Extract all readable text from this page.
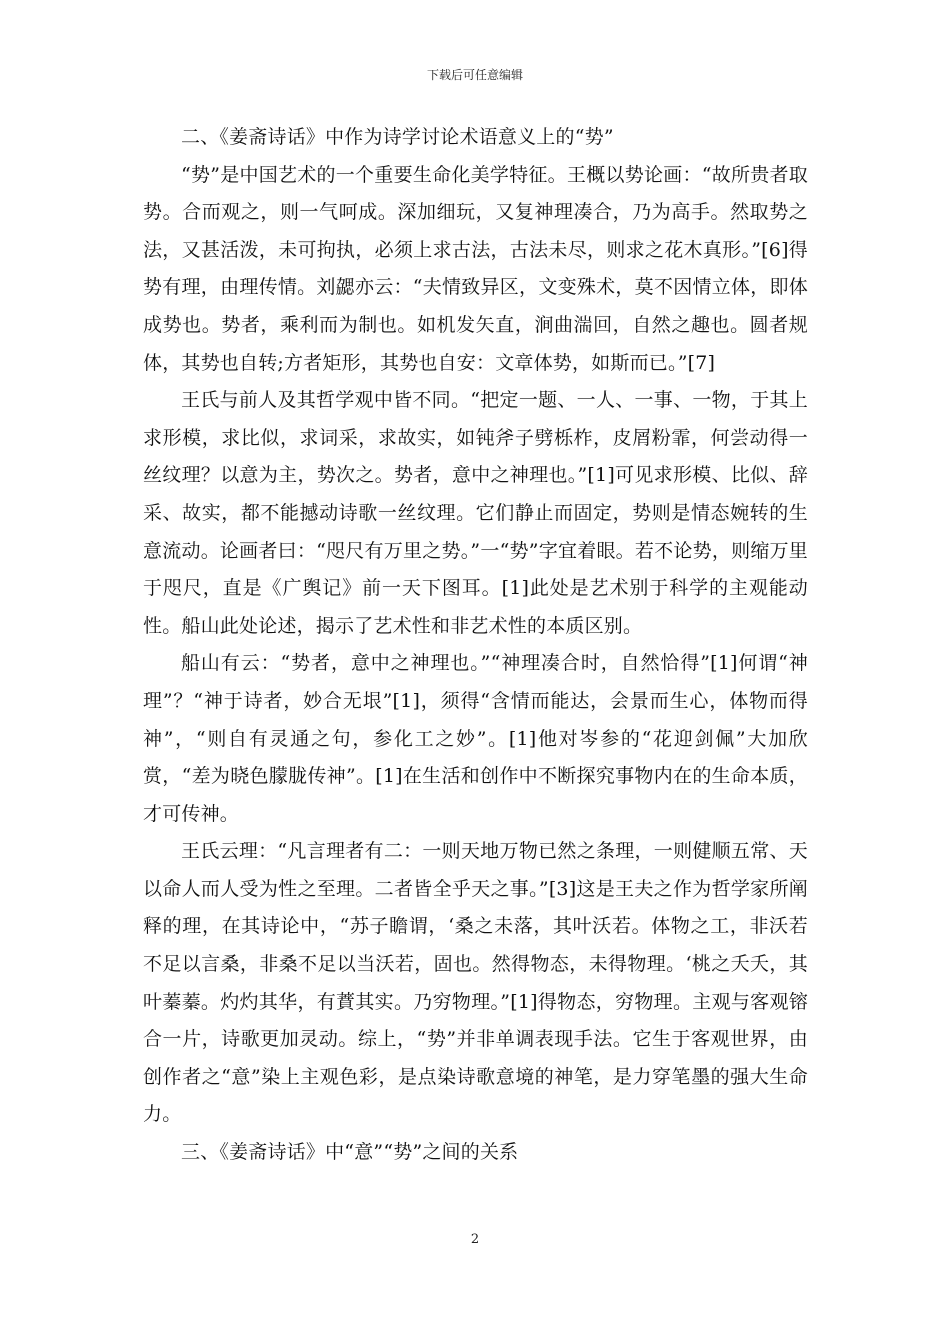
下载后可任意编辑

二、《姜斋诗话》中作为诗学讨论术语意义上的“势”

“势”是中国艺术的一个重要生命化美学特征。王概以势论画：“故所贵者取势。合而观之，则一气呵成。深加细玩，又复神理凑合，乃为高手。然取势之法，又甚活泼，未可拘执，必须上求古法，古法未尽，则求之花木真形。”[6]得势有理，由理传情。刘勰亦云：“夫情致异区，文变殊术，莫不因情立体，即体成势也。势者，乘利而为制也。如机发矢直，涧曲湍回，自然之趣也。圆者规体，其势也自转;方者矩形，其势也自安：文章体势，如斯而已。”[7]

王氏与前人及其哲学观中皆不同。“把定一题、一人、一事、一物，于其上求形模，求比似，求词采，求故实，如钝斧子劈栎柞，皮屑粉霏，何尝动得一丝纹理？以意为主，势次之。势者，意中之神理也。”[1]可见求形模、比似、辞采、故实，都不能撼动诗歌一丝纹理。它们静止而固定，势则是情态婉转的生意流动。论画者曰：“咫尺有万里之势。”一“势”字宜着眼。若不论势，则缩万里于咫尺，直是《广舆记》前一天下图耳。[1]此处是艺术别于科学的主观能动性。船山此处论述，揭示了艺术性和非艺术性的本质区别。

船山有云：“势者，意中之神理也。”“神理凑合时，自然恰得”[1]何谓“神理”？“神于诗者，妙合无垠”[1]，须得“含情而能达，会景而生心，体物而得神”，“则自有灵通之句，参化工之妙”。[1]他对岑参的“花迎剑佩”大加欣赏，“差为晓色朦胧传神”。[1]在生活和创作中不断探究事物内在的生命本质，才可传神。

王氏云理：“凡言理者有二：一则天地万物已然之条理，一则健顺五常、天以命人而人受为性之至理。二者皆全乎天之事。”[3]这是王夫之作为哲学家所阐释的理，在其诗论中，“苏子瞻谓，‘桑之未落，其叶沃若。体物之工，非沃若不足以言桑，非桑不足以当沃若，固也。然得物态，未得物理。‘桃之夭夭，其叶蓁蓁。灼灼其华，有蕡其实。乃穷物理。”[1]得物态，穷物理。主观与客观镕合一片，诗歌更加灵动。综上，“势”并非单调表现手法。它生于客观世界，由创作者之“意”染上主观色彩，是点染诗歌意境的神笔，是力穿笔墨的强大生命力。

三、《姜斋诗话》中“意”“势”之间的关系

2
